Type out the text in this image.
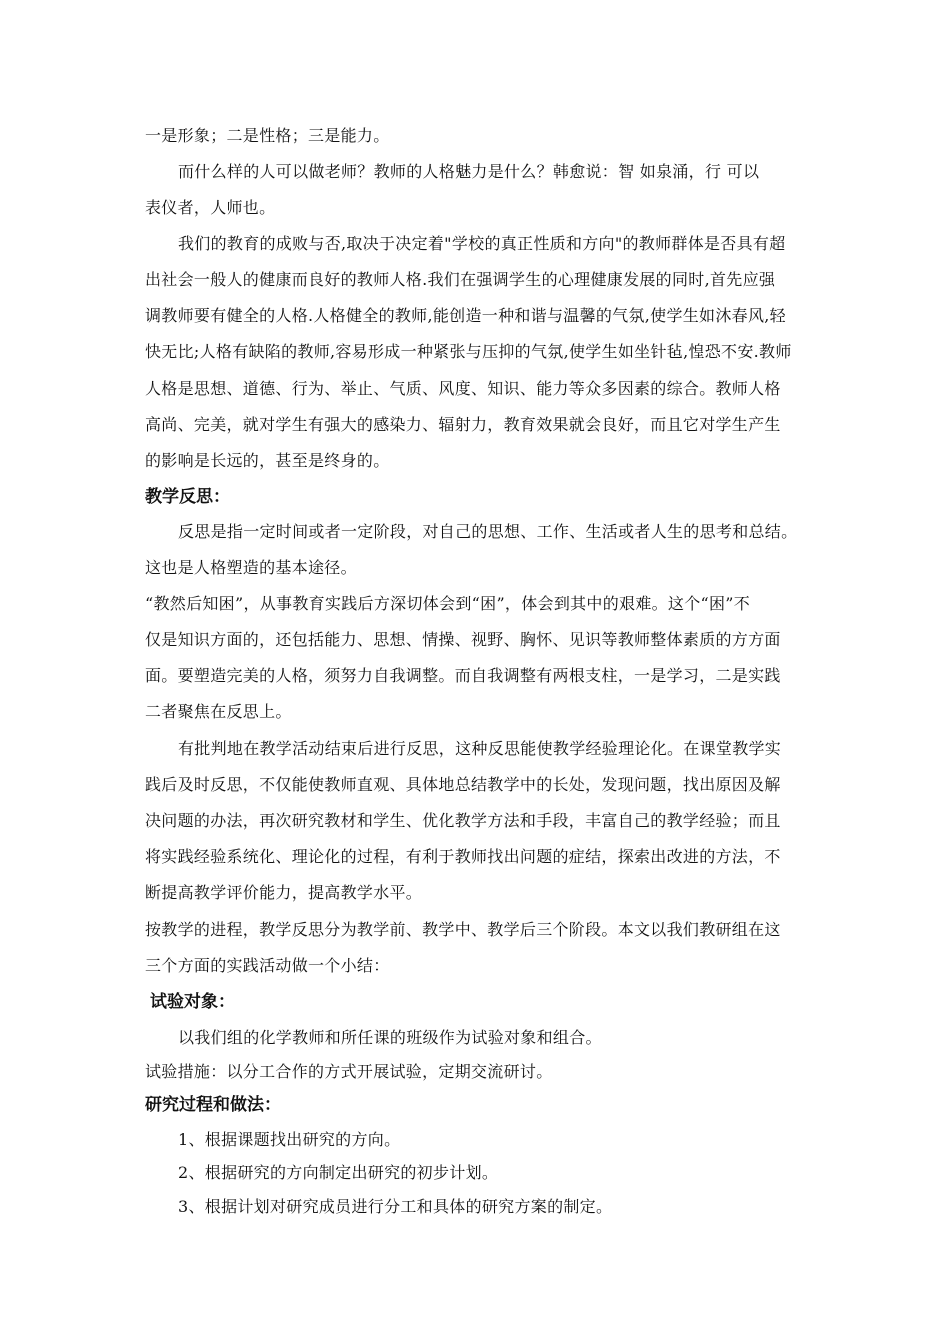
一是形象；二是性格；三是能力。
而什么样的人可以做老师？教师的人格魅力是什么？韩愈说：智 如泉涌，行 可以
表仪者，人师也。
我们的教育的成败与否,取决于决定着"学校的真正性质和方向"的教师群体是否具有超
出社会一般人的健康而良好的教师人格.我们在强调学生的心理健康发展的同时,首先应强
调教师要有健全的人格.人格健全的教师,能创造一种和谐与温馨的气氛,使学生如沐春风,轻
快无比;人格有缺陷的教师,容易形成一种紧张与压抑的气氛,使学生如坐针毡,惶恐不安.教师
人格是思想、道德、行为、举止、气质、风度、知识、能力等众多因素的综合。教师人格
高尚、完美，就对学生有强大的感染力、辐射力，教育效果就会良好，而且它对学生产生
的影响是长远的，甚至是终身的。
教学反思：
反思是指一定时间或者一定阶段，对自己的思想、工作、生活或者人生的思考和总结。
这也是人格塑造的基本途径。
“教然后知困”，从事教育实践后方深切体会到“困”，体会到其中的艰难。这个“困”不
仅是知识方面的，还包括能力、思想、情操、视野、胸怀、见识等教师整体素质的方方面
面。要塑造完美的人格，须努力自我调整。而自我调整有两根支柱，一是学习，二是实践
二者聚焦在反思上。
有批判地在教学活动结束后进行反思，这种反思能使教学经验理论化。在课堂教学实
践后及时反思，不仅能使教师直观、具体地总结教学中的长处，发现问题，找出原因及解
决问题的办法，再次研究教材和学生、优化教学方法和手段，丰富自己的教学经验；而且
将实践经验系统化、理论化的过程，有利于教师找出问题的症结，探索出改进的方法，不
断提高教学评价能力，提高教学水平。
按教学的进程，教学反思分为教学前、教学中、教学后三个阶段。本文以我们教研组在这
三个方面的实践活动做一个小结：
试验对象：
以我们组的化学教师和所任课的班级作为试验对象和组合。
试验措施：以分工合作的方式开展试验，定期交流研讨。
研究过程和做法：
1、根据课题找出研究的方向。
2、根据研究的方向制定出研究的初步计划。
3、根据计划对研究成员进行分工和具体的研究方案的制定。
